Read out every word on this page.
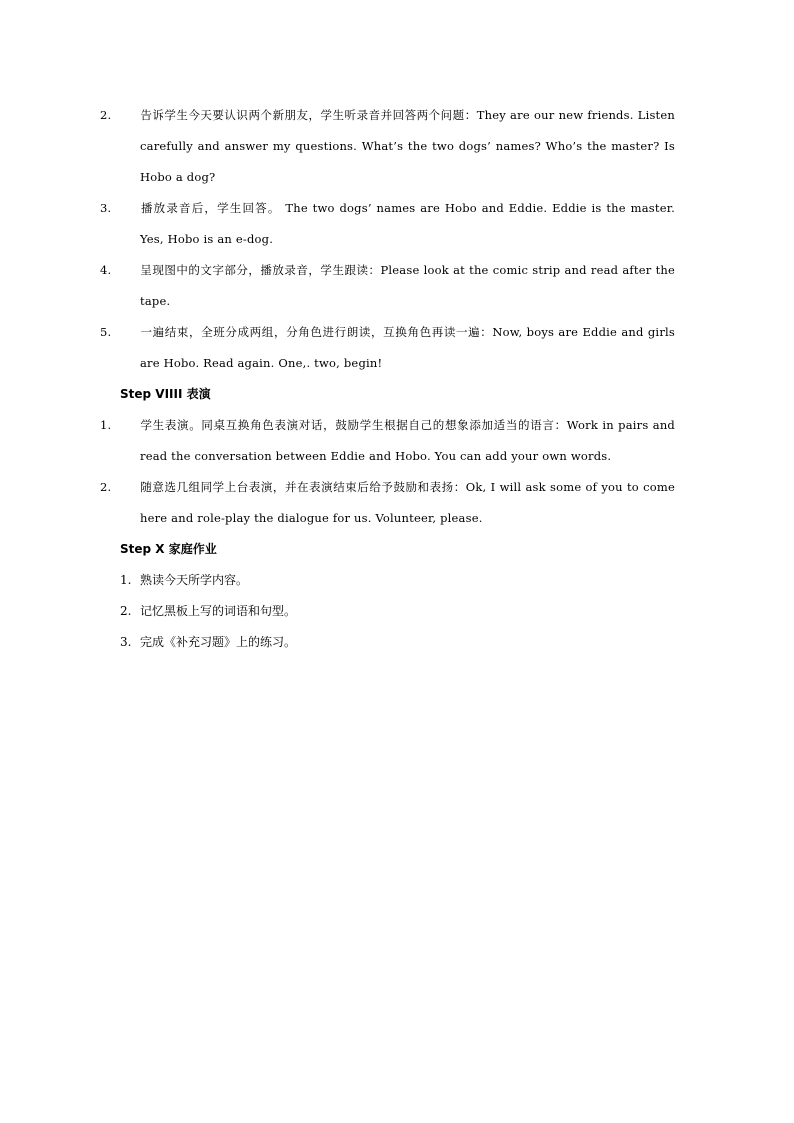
2. 告诉学生今天要认识两个新朋友，学生听录音并回答两个问题：They are our new friends. Listen carefully and answer my questions. What’s the two dogs’ names? Who’s the master? Is Hobo a dog?
3. 播放录音后，学生回答。 The two dogs’ names are Hobo and Eddie. Eddie is the master. Yes, Hobo is an e-dog.
4. 呈现图中的文字部分，播放录音，学生跟读：Please look at the comic strip and read after the tape.
5. 一遍结束，全班分成两组，分角色进行朗读，互换角色再读一遍：Now, boys are Eddie and girls are Hobo. Read again. One,. two, begin!
Step VIIII 表演
1. 学生表演。同桌互换角色表演对话，鼓励学生根据自己的想象添加适当的语言：Work in pairs and read the conversation between Eddie and Hobo. You can add your own words.
2. 随意选几组同学上台表演，并在表演结束后给予鼓励和表扬：Ok, I will ask some of you to come here and role-play the dialogue for us. Volunteer, please.
Step X 家庭作业
1. 熟读今天所学内容。
2. 记忆黑板上写的词语和句型。
3. 完成《补充习题》上的练习。
